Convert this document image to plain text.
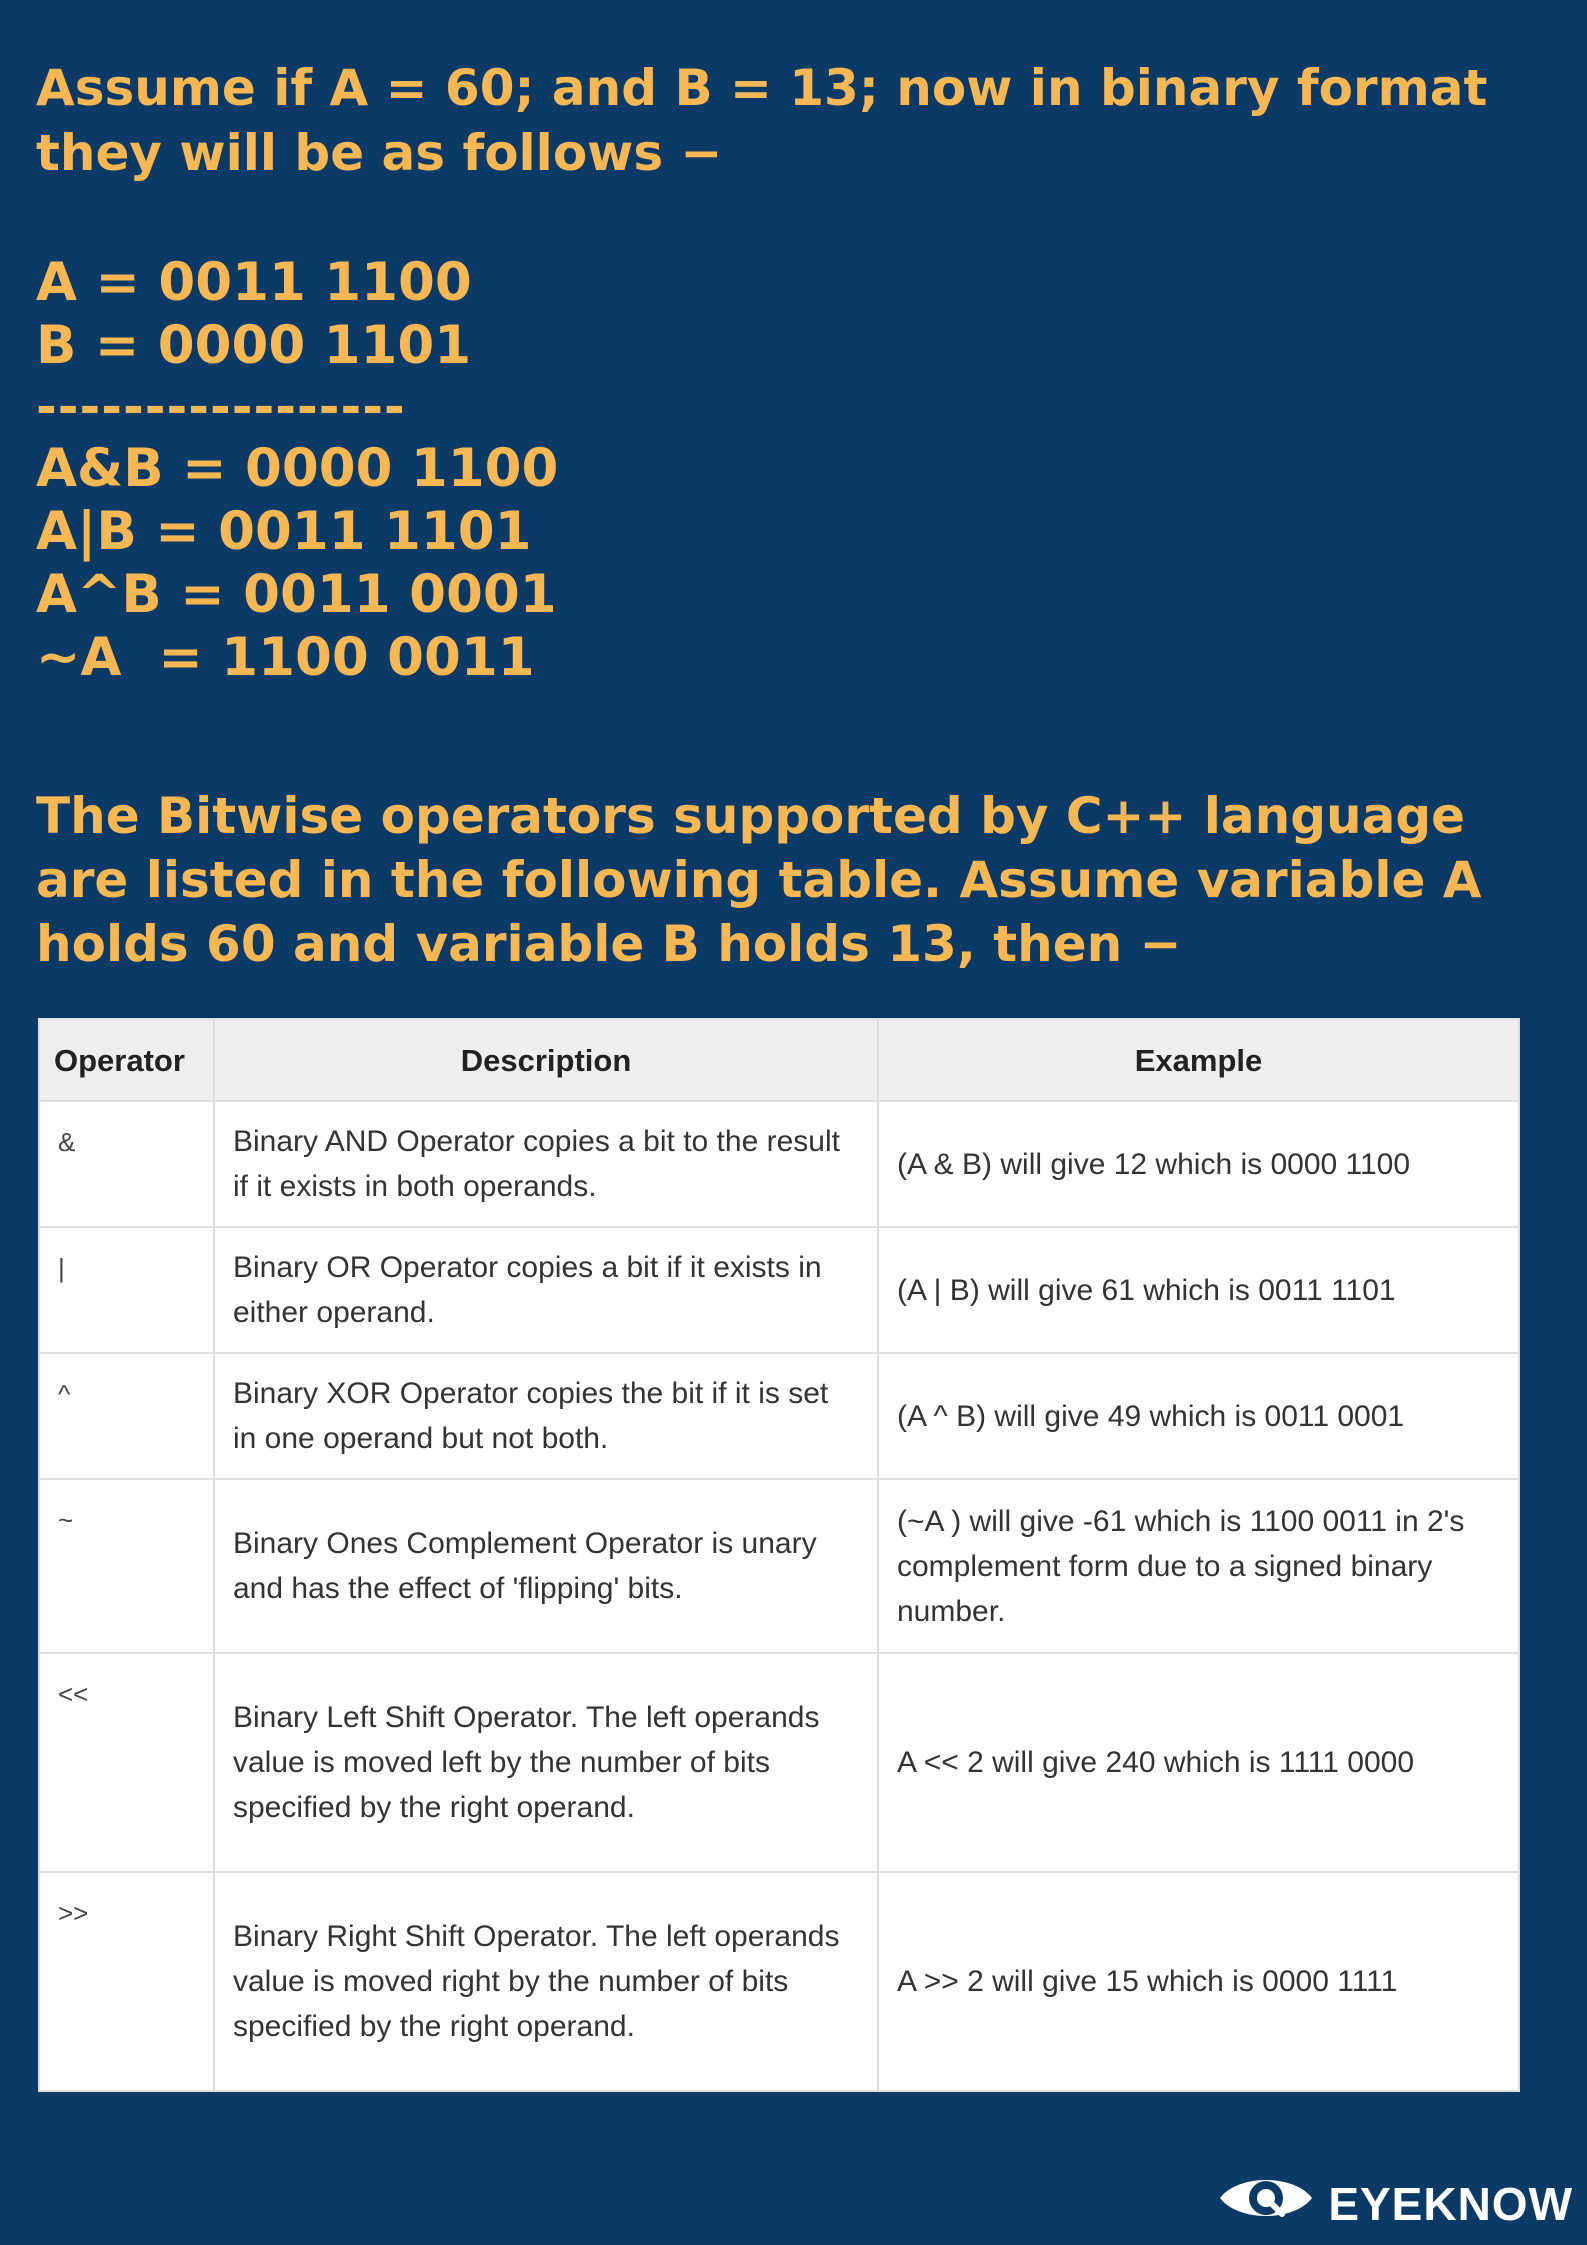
Assume if A = 60; and B = 13; now in binary format they will be as follows −

A = 0011 1100
B = 0000 1101
-----------------
A&B = 0000 1100
A|B = 0011 1101
A^B = 0011 0001
~A  = 1100 0011

The Bitwise operators supported by C++ language are listed in the following table. Assume variable A holds 60 and variable B holds 13, then −

Operator	Description	Example
&	Binary AND Operator copies a bit to the result if it exists in both operands.	(A & B) will give 12 which is 0000 1100
|	Binary OR Operator copies a bit if it exists in either operand.	(A | B) will give 61 which is 0011 1101
^	Binary XOR Operator copies the bit if it is set in one operand but not both.	(A ^ B) will give 49 which is 0011 0001
~	Binary Ones Complement Operator is unary and has the effect of 'flipping' bits.	(~A ) will give -61 which is 1100 0011 in 2's complement form due to a signed binary number.
<<	Binary Left Shift Operator. The left operands value is moved left by the number of bits specified by the right operand.	A << 2 will give 240 which is 1111 0000
>>	Binary Right Shift Operator. The left operands value is moved right by the number of bits specified by the right operand.	A >> 2 will give 15 which is 0000 1111
EYEKNOW
